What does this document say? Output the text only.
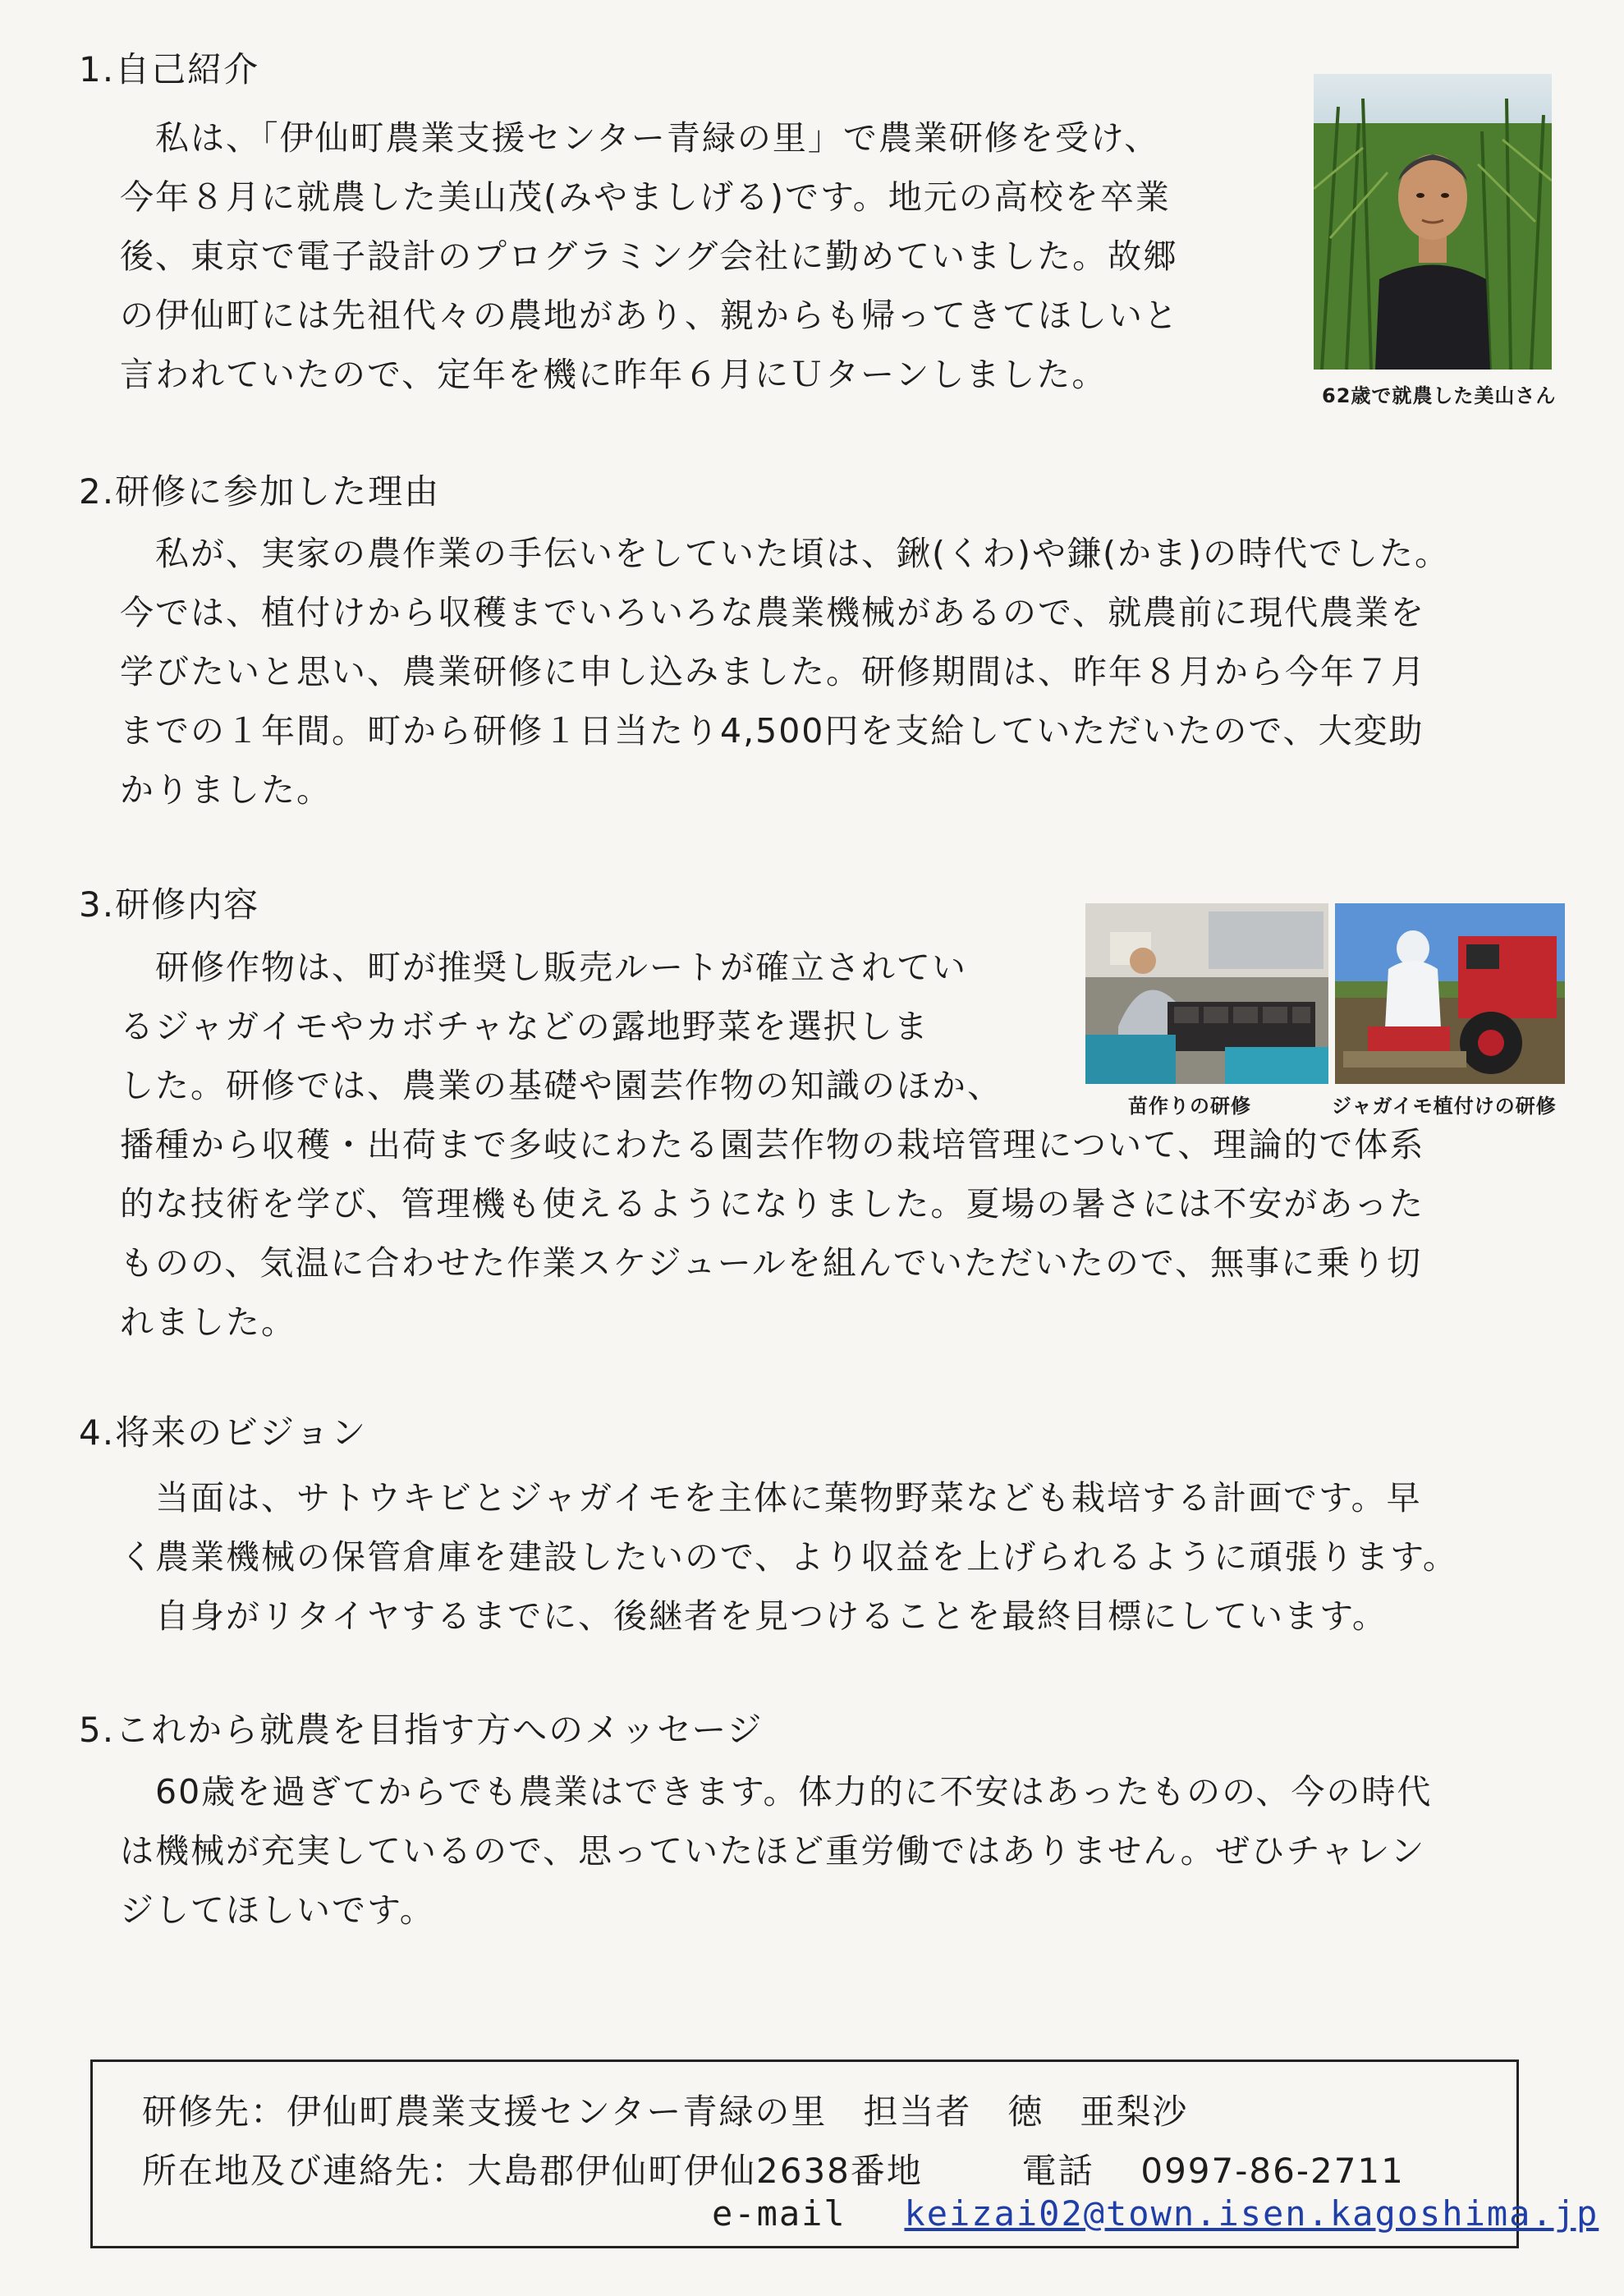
1.自己紹介
　私は、「伊仙町農業支援センター青緑の里」で農業研修を受け、
今年８月に就農した美山茂(みやましげる)です。地元の高校を卒業
後、東京で電子設計のプログラミング会社に勤めていました。故郷
の伊仙町には先祖代々の農地があり、親からも帰ってきてほしいと
言われていたので、定年を機に昨年６月にＵターンしました。
62歳で就農した美山さん
2.研修に参加した理由
　私が、実家の農作業の手伝いをしていた頃は、鍬(くわ)や鎌(かま)の時代でした。
今では、植付けから収穫までいろいろな農業機械があるので、就農前に現代農業を
学びたいと思い、農業研修に申し込みました。研修期間は、昨年８月から今年７月
までの１年間。町から研修１日当たり4,500円を支給していただいたので、大変助
かりました。
3.研修内容
　研修作物は、町が推奨し販売ルートが確立されてい
るジャガイモやカボチャなどの露地野菜を選択しま
した。研修では、農業の基礎や園芸作物の知識のほか、
播種から収穫・出荷まで多岐にわたる園芸作物の栽培管理について、理論的で体系
的な技術を学び、管理機も使えるようになりました。夏場の暑さには不安があった
ものの、気温に合わせた作業スケジュールを組んでいただいたので、無事に乗り切
れました。
苗作りの研修	ジャガイモ植付けの研修
4.将来のビジョン
　当面は、サトウキビとジャガイモを主体に葉物野菜なども栽培する計画です。早
く農業機械の保管倉庫を建設したいので、より収益を上げられるように頑張ります。
　自身がリタイヤするまでに、後継者を見つけることを最終目標にしています。
5.これから就農を目指す方へのメッセージ
　60歳を過ぎてからでも農業はできます。体力的に不安はあったものの、今の時代
は機械が充実しているので、思っていたほど重労働ではありません。ぜひチャレン
ジしてほしいです。
研修先：伊仙町農業支援センター青緑の里　担当者　徳　亜梨沙
所在地及び連絡先：大島郡伊仙町伊仙2638番地	電話 0997-86-2711
e-mail keizai02@town.isen.kagoshima.jp
